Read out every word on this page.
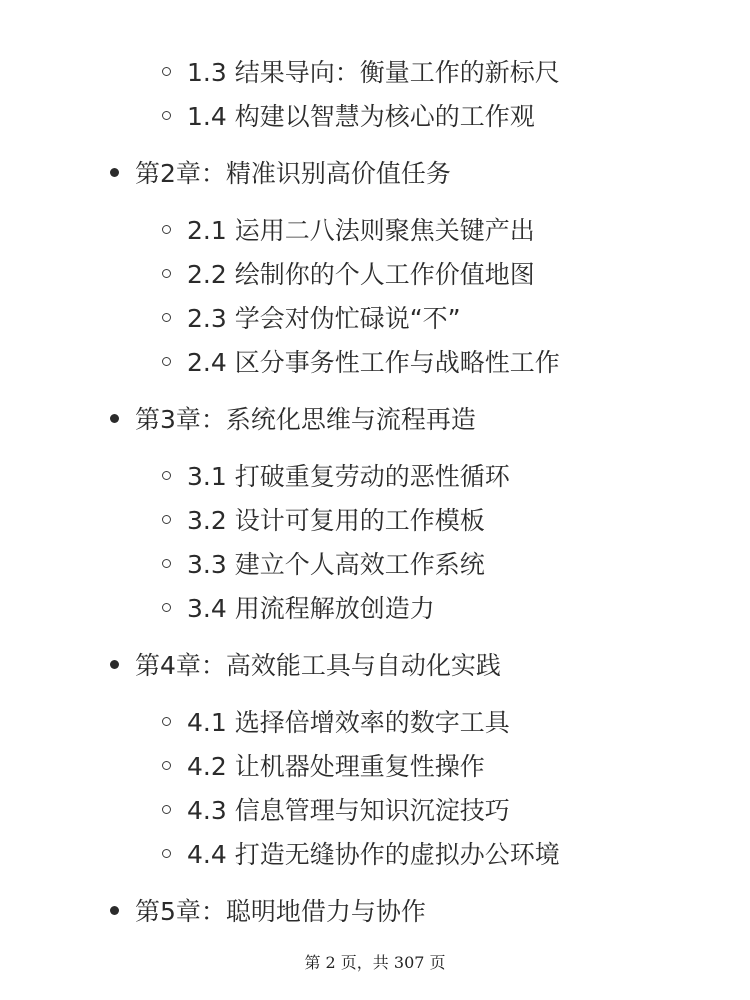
1.3 结果导向：衡量工作的新标尺
1.4 构建以智慧为核心的工作观
第2章：精准识别高价值任务
2.1 运用二八法则聚焦关键产出
2.2 绘制你的个人工作价值地图
2.3 学会对伪忙碌说“不”
2.4 区分事务性工作与战略性工作
第3章：系统化思维与流程再造
3.1 打破重复劳动的恶性循环
3.2 设计可复用的工作模板
3.3 建立个人高效工作系统
3.4 用流程解放创造力
第4章：高效能工具与自动化实践
4.1 选择倍增效率的数字工具
4.2 让机器处理重复性操作
4.3 信息管理与知识沉淀技巧
4.4 打造无缝协作的虚拟办公环境
第5章：聪明地借力与协作
第 2 页，共 307 页
